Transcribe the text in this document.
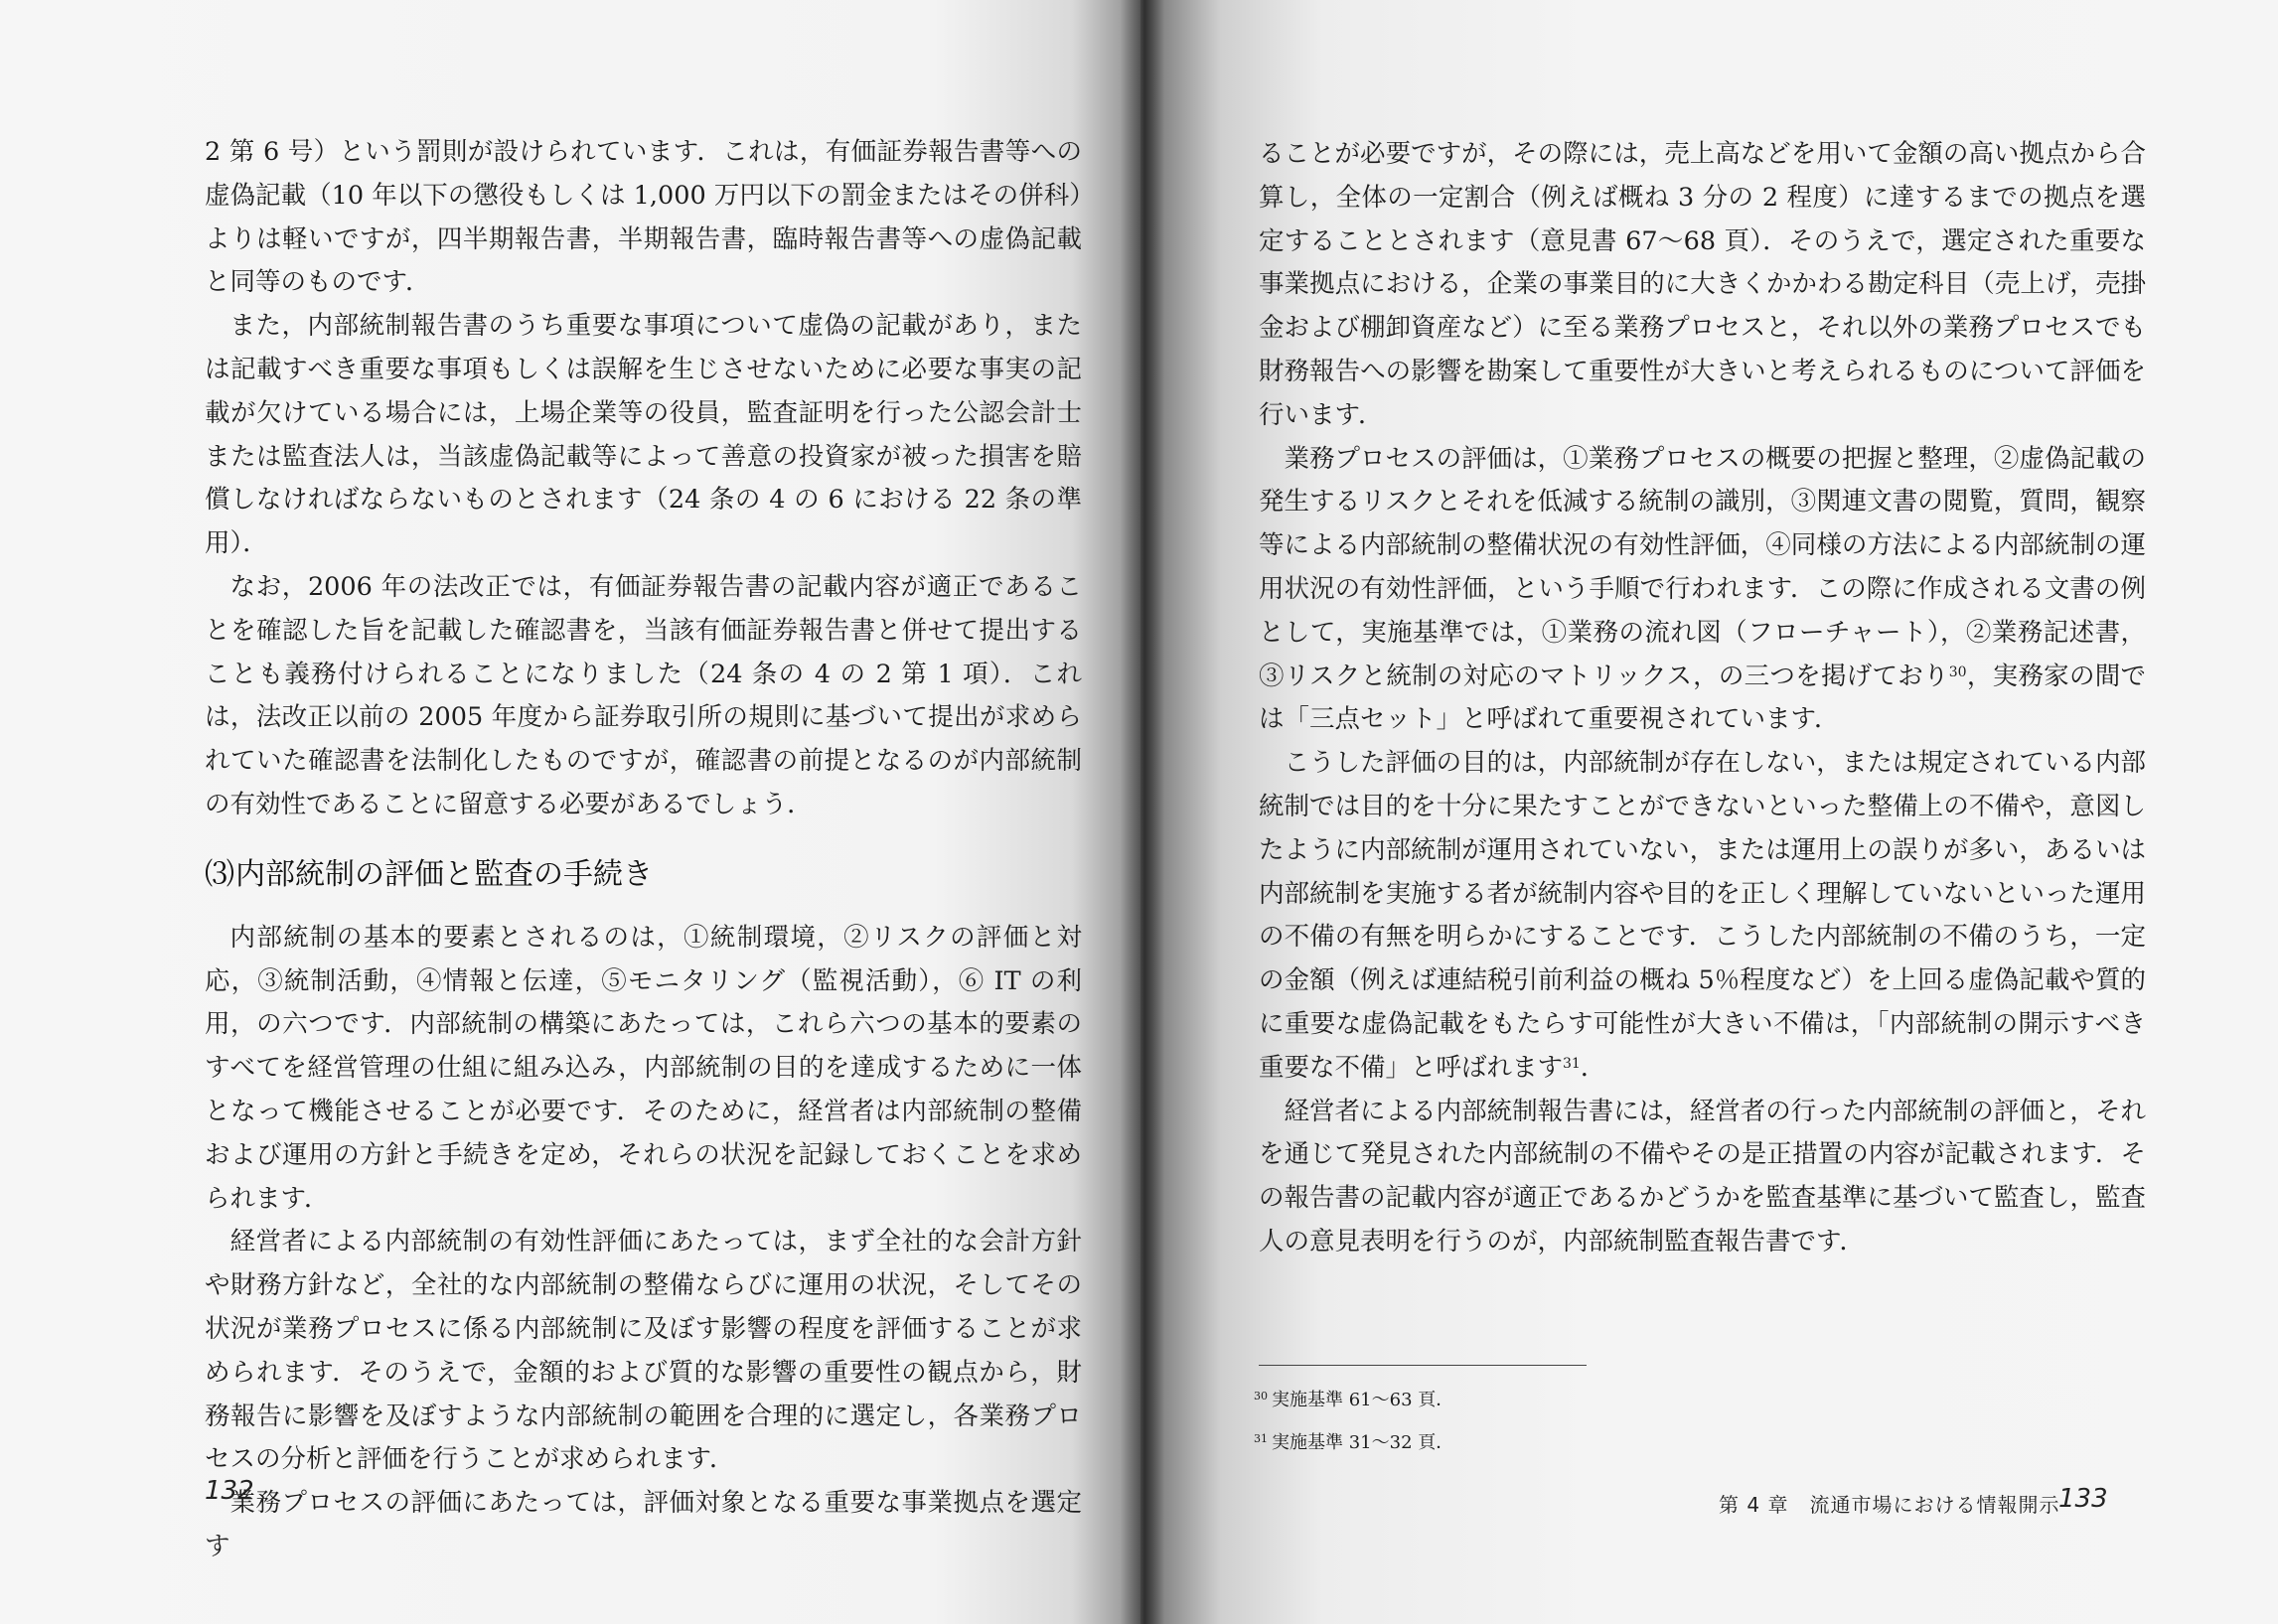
2 第 6 号）という罰則が設けられています．これは，有価証券報告書等への虚偽記載（10 年以下の懲役もしくは 1,000 万円以下の罰金またはその併科）よりは軽いですが，四半期報告書，半期報告書，臨時報告書等への虚偽記載と同等のものです．

また，内部統制報告書のうち重要な事項について虚偽の記載があり，または記載すべき重要な事項もしくは誤解を生じさせないために必要な事実の記載が欠けている場合には，上場企業等の役員，監査証明を行った公認会計士または監査法人は，当該虚偽記載等によって善意の投資家が被った損害を賠償しなければならないものとされます（24 条の 4 の 6 における 22 条の準用）．

なお，2006 年の法改正では，有価証券報告書の記載内容が適正であることを確認した旨を記載した確認書を，当該有価証券報告書と併せて提出することも義務付けられることになりました（24 条の 4 の 2 第 1 項）．これは，法改正以前の 2005 年度から証券取引所の規則に基づいて提出が求められていた確認書を法制化したものですが，確認書の前提となるのが内部統制の有効性であることに留意する必要があるでしょう．

⑶内部統制の評価と監査の手続き

内部統制の基本的要素とされるのは，①統制環境，②リスクの評価と対応，③統制活動，④情報と伝達，⑤モニタリング（監視活動），⑥ IT の利用，の六つです．内部統制の構築にあたっては，これら六つの基本的要素のすべてを経営管理の仕組に組み込み，内部統制の目的を達成するために一体となって機能させることが必要です．そのために，経営者は内部統制の整備および運用の方針と手続きを定め，それらの状況を記録しておくことを求められます．

経営者による内部統制の有効性評価にあたっては，まず全社的な会計方針や財務方針など，全社的な内部統制の整備ならびに運用の状況，そしてその状況が業務プロセスに係る内部統制に及ぼす影響の程度を評価することが求められます．そのうえで，金額的および質的な影響の重要性の観点から，財務報告に影響を及ぼすような内部統制の範囲を合理的に選定し，各業務プロセスの分析と評価を行うことが求められます．

業務プロセスの評価にあたっては，評価対象となる重要な事業拠点を選定す

132

ることが必要ですが，その際には，売上高などを用いて金額の高い拠点から合算し，全体の一定割合（例えば概ね 3 分の 2 程度）に達するまでの拠点を選定することとされます（意見書 67～68 頁）．そのうえで，選定された重要な事業拠点における，企業の事業目的に大きくかかわる勘定科目（売上げ，売掛金および棚卸資産など）に至る業務プロセスと，それ以外の業務プロセスでも財務報告への影響を勘案して重要性が大きいと考えられるものについて評価を行います．

業務プロセスの評価は，①業務プロセスの概要の把握と整理，②虚偽記載の発生するリスクとそれを低減する統制の識別，③関連文書の閲覧，質問，観察等による内部統制の整備状況の有効性評価，④同様の方法による内部統制の運用状況の有効性評価，という手順で行われます．この際に作成される文書の例として，実施基準では，①業務の流れ図（フローチャート），②業務記述書，③リスクと統制の対応のマトリックス，の三つを掲げており$^{30}$，実務家の間では「三点セット」と呼ばれて重要視されています．

こうした評価の目的は，内部統制が存在しない，または規定されている内部統制では目的を十分に果たすことができないといった整備上の不備や，意図したように内部統制が運用されていない，または運用上の誤りが多い，あるいは内部統制を実施する者が統制内容や目的を正しく理解していないといった運用の不備の有無を明らかにすることです．こうした内部統制の不備のうち，一定の金額（例えば連結税引前利益の概ね 5％程度など）を上回る虚偽記載や質的に重要な虚偽記載をもたらす可能性が大きい不備は，「内部統制の開示すべき重要な不備」と呼ばれます$^{31}$．

経営者による内部統制報告書には，経営者の行った内部統制の評価と，それを通じて発見された内部統制の不備やその是正措置の内容が記載されます．その報告書の記載内容が適正であるかどうかを監査基準に基づいて監査し，監査人の意見表明を行うのが，内部統制監査報告書です．

$^{30}$ 実施基準 61～63 頁．
$^{31}$ 実施基準 31～32 頁．
第 4 章　流通市場における情報開示
133
